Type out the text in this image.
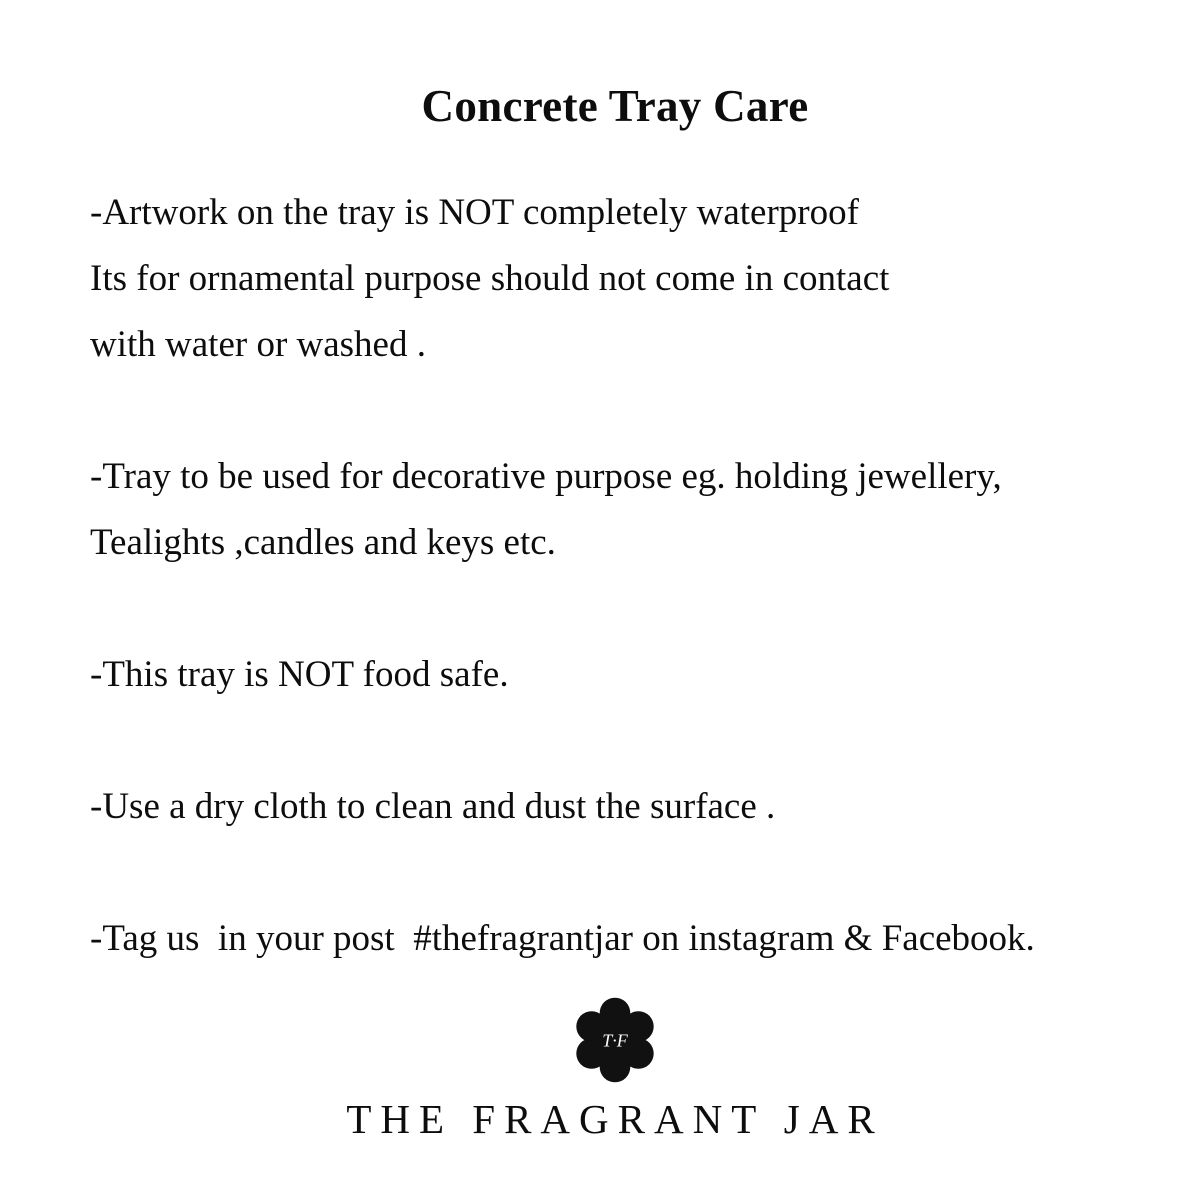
Concrete Tray Care
-Artwork on the tray is NOT completely waterproof
Its for ornamental purpose should not come in contact
with water or washed .
-Tray to be used for decorative purpose eg. holding jewellery,
Tealights ,candles and keys etc.
-This tray is NOT food safe.
-Use a dry cloth to clean and dust the surface .
-Tag us  in your post  #thefragrantjar on instagram & Facebook.
T·F
THE FRAGRANT JAR
